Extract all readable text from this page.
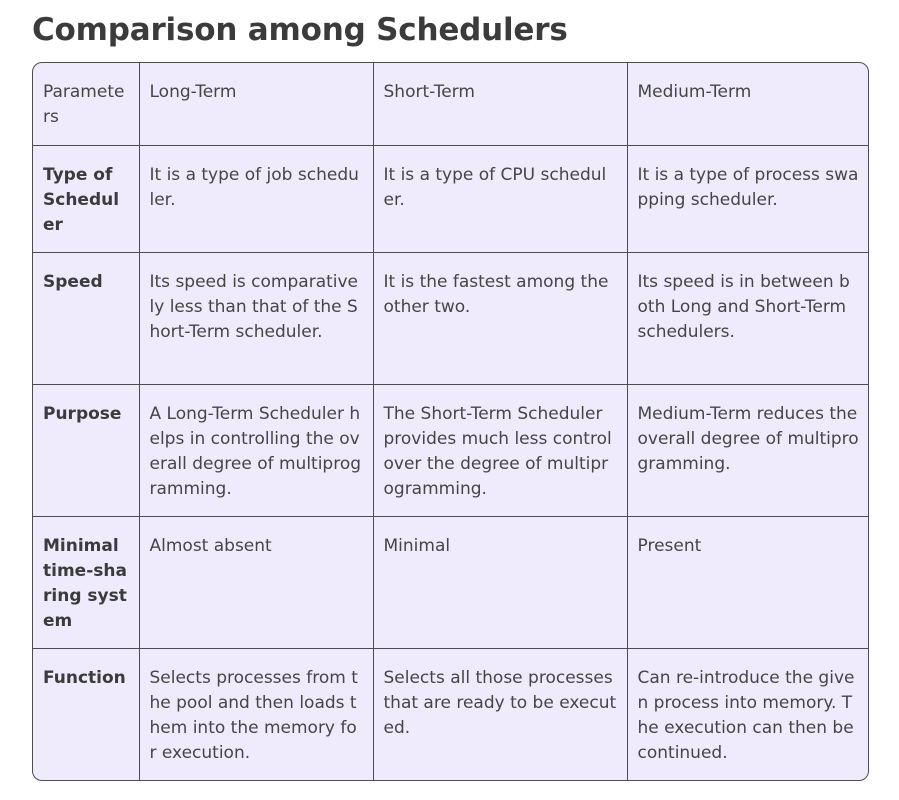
Comparison among Schedulers
Parameters	Long-Term	Short-Term	Medium-Term
Type of Scheduler	It is a type of job scheduler.	It is a type of CPU scheduler.	It is a type of process swapping scheduler.
Speed	Its speed is comparatively less than that of the Short-Term scheduler.	It is the fastest among the other two.	Its speed is in between both Long and Short-Term schedulers.
Purpose	A Long-Term Scheduler helps in controlling the overall degree of multiprogramming.	The Short-Term Scheduler provides much less control over the degree of multiprogramming.	Medium-Term reduces the overall degree of multiprogramming.
Minimal time-sharing system	Almost absent	Minimal	Present
Function	Selects processes from the pool and then loads them into the memory for execution.	Selects all those processes that are ready to be executed.	Can re-introduce the given process into memory. The execution can then be continued.
